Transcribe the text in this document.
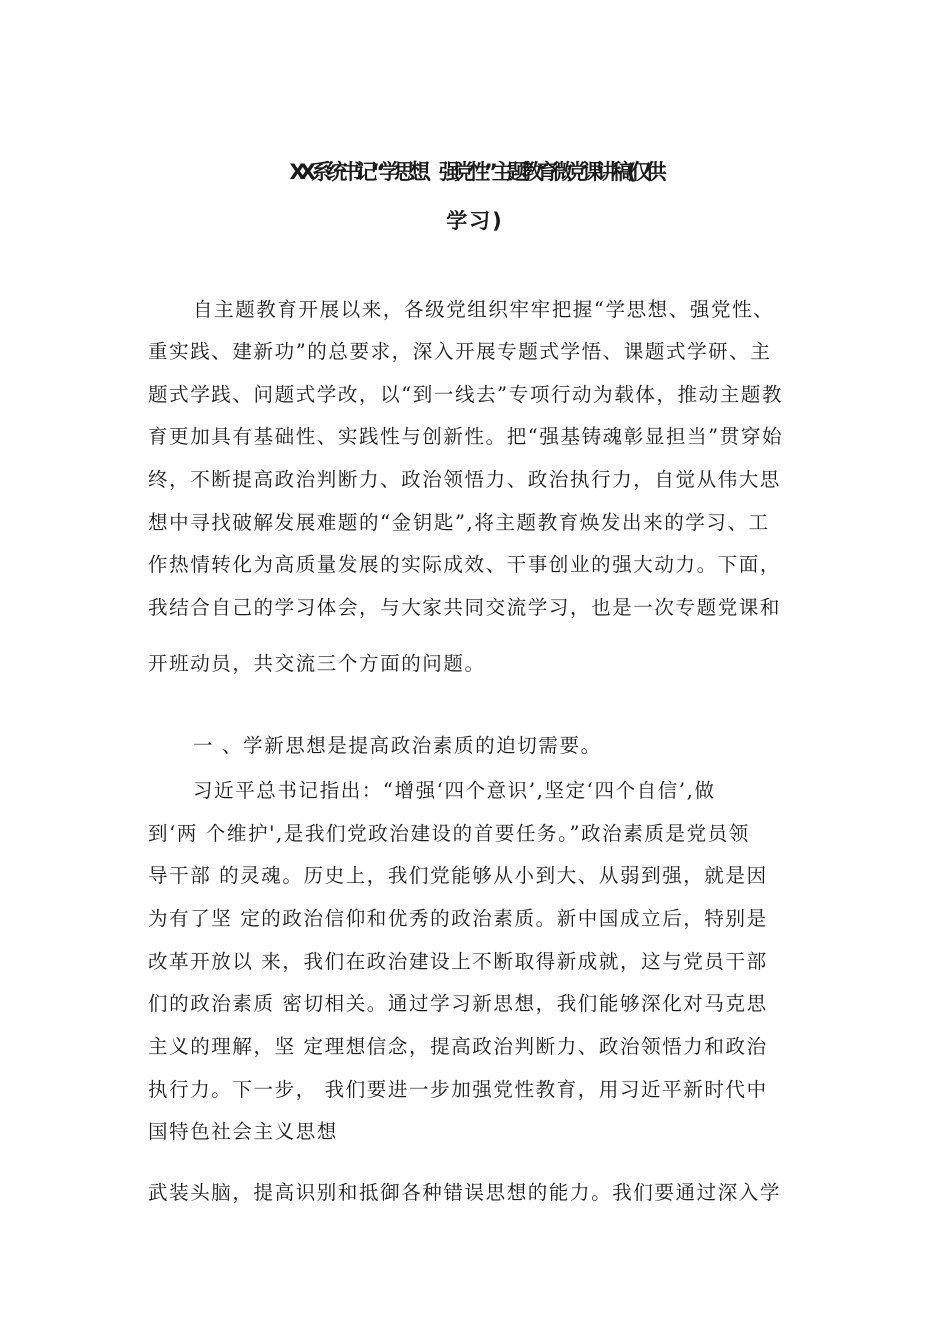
XX 系统书记“学思想、强党性”主题教育微党课讲稿(仅供
学习)
自主题教育开展以来，各级党组织牢牢把握“学思想、强党性、
重实践、建新功”的总要求，深入开展专题式学悟、课题式学研、主
题式学践、问题式学改，以“到一线去”专项行动为载体，推动主题教
育更加具有基础性、实践性与创新性。把“强基铸魂彰显担当”贯穿始
终，不断提高政治判断力、政治领悟力、政治执行力，自觉从伟大思
想中寻找破解发展难题的“金钥匙”,将主题教育焕发出来的学习、工
作热情转化为高质量发展的实际成效、干事创业的强大动力。下面，
我结合自己的学习体会，与大家共同交流学习，也是一次专题党课和
开班动员，共交流三个方面的问题。
一 、学新思想是提高政治素质的迫切需要。
习近平总书记指出：“增强‘四个意识’,坚定‘四个自信’,做
到‘两 个维护',是我们党政治建设的首要任务。”政治素质是党员领
导干部 的灵魂。历史上，我们党能够从小到大、从弱到强，就是因
为有了坚 定的政治信仰和优秀的政治素质。新中国成立后，特别是
改革开放以 来，我们在政治建设上不断取得新成就，这与党员干部
们的政治素质 密切相关。通过学习新思想，我们能够深化对马克思
主义的理解，坚 定理想信念，提高政治判断力、政治领悟力和政治
执行力。下一步， 我们要进一步加强党性教育，用习近平新时代中
国特色社会主义思想
武装头脑，提高识别和抵御各种错误思想的能力。我们要通过深入学
